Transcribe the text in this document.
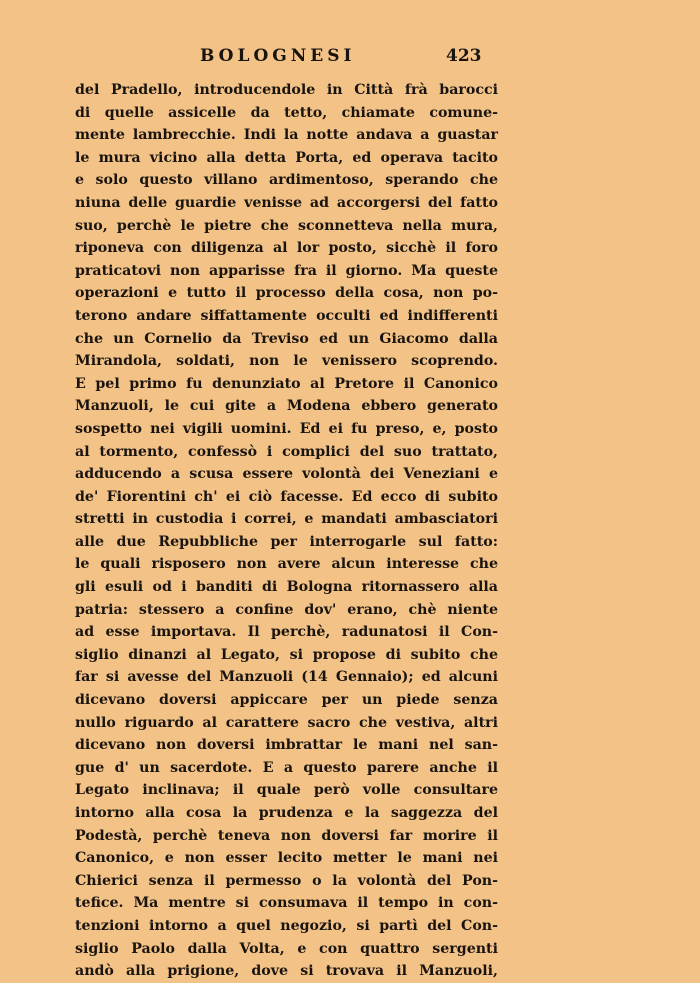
BOLOGNESI	423
del Pradello, introducendole in Città frà barocci
di quelle assicelle da tetto, chiamate comune-
mente lambrecchie. Indi la notte andava a guastar
le mura vicino alla detta Porta, ed operava tacito
e solo questo villano ardimentoso, sperando che
niuna delle guardie venisse ad accorgersi del fatto
suo, perchè le pietre che sconnetteva nella mura,
riponeva con diligenza al lor posto, sicchè il foro
praticatovi non apparisse fra il giorno. Ma queste
operazioni e tutto il processo della cosa, non po-
terono andare siffattamente occulti ed indifferenti
che un Cornelio da Treviso ed un Giacomo dalla
Mirandola, soldati, non le venissero scoprendo.
E pel primo fu denunziato al Pretore il Canonico
Manzuoli, le cui gite a Modena ebbero generato
sospetto nei vigili uomini. Ed ei fu preso, e, posto
al tormento, confessò i complici del suo trattato,
adducendo a scusa essere volontà dei Veneziani e
de' Fiorentini ch' ei ciò facesse. Ed ecco di subito
stretti in custodia i correi, e mandati ambasciatori
alle due Repubbliche per interrogarle sul fatto:
le quali risposero non avere alcun interesse che
gli esuli od i banditi di Bologna ritornassero alla
patria: stessero a confine dov' erano, chè niente
ad esse importava. Il perchè, radunatosi il Con-
siglio dinanzi al Legato, si propose di subito che
far si avesse del Manzuoli (14 Gennaio); ed alcuni
dicevano doversi appiccare per un piede senza
nullo riguardo al carattere sacro che vestiva, altri
dicevano non doversi imbrattar le mani nel san-
gue d' un sacerdote. E a questo parere anche il
Legato inclinava; il quale però volle consultare
intorno alla cosa la prudenza e la saggezza del
Podestà, perchè teneva non doversi far morire il
Canonico, e non esser lecito metter le mani nei
Chierici senza il permesso o la volontà del Pon-
tefice. Ma mentre si consumava il tempo in con-
tenzioni intorno a quel negozio, si partì del Con-
siglio Paolo dalla Volta, e con quattro sergenti
andò alla prigione, dove si trovava il Manzuoli,
